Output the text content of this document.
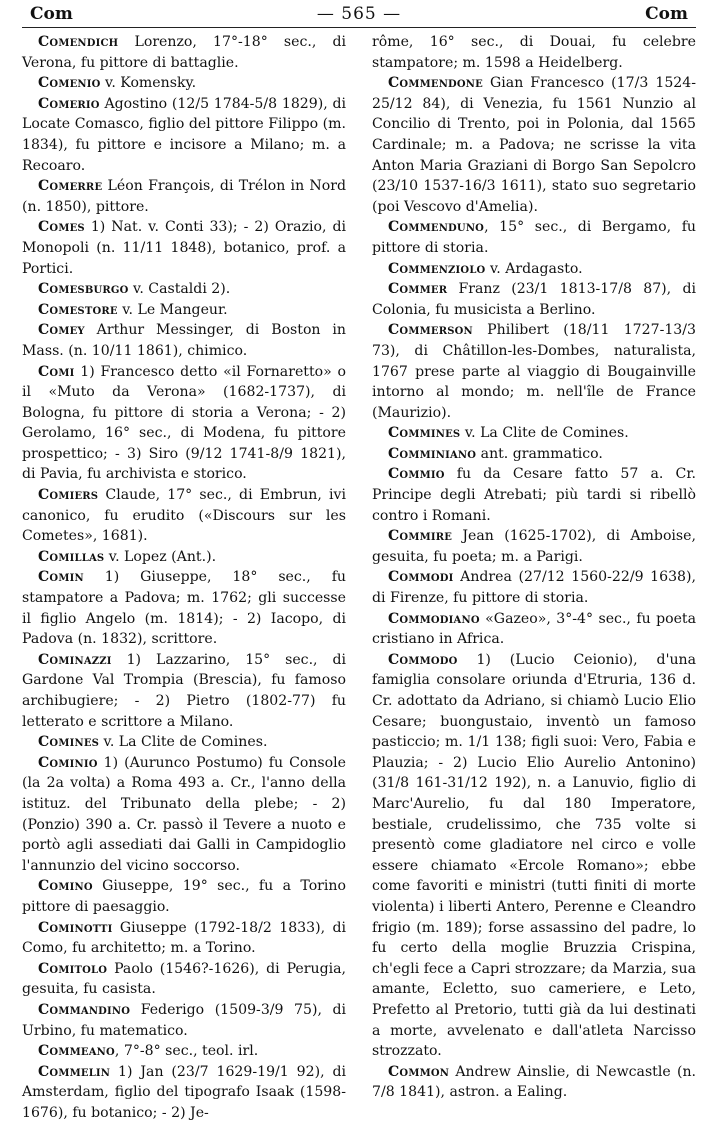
Com	— 565 —	Com

Comendich Lorenzo, 17°-18° sec., di Verona, fu pittore di battaglie.

Comenio v. Komensky.

Comerio Agostino (12/5 1784-5/8 1829), di Locate Comasco, figlio del pittore Filippo (m. 1834), fu pittore e incisore a Milano; m. a Recoaro.

Comerre Léon François, di Trélon in Nord (n. 1850), pittore.

Comes 1) Nat. v. Conti 33); - 2) Orazio, di Monopoli (n. 11/11 1848), botanico, prof. a Portici.

Comesburgo v. Castaldi 2).

Comestore v. Le Mangeur.

Comey Arthur Messinger, di Boston in Mass. (n. 10/11 1861), chimico.

Comi 1) Francesco detto «il Fornaretto» o il «Muto da Verona» (1682-1737), di Bologna, fu pittore di storia a Verona; - 2) Gerolamo, 16° sec., di Modena, fu pittore prospettico; - 3) Siro (9/12 1741-8/9 1821), di Pavia, fu archivista e storico.

Comiers Claude, 17° sec., di Embrun, ivi canonico, fu erudito («Discours sur les Cometes», 1681).

Comillas v. Lopez (Ant.).

Comin 1) Giuseppe, 18° sec., fu stampatore a Padova; m. 1762; gli successe il figlio Angelo (m. 1814); - 2) Iacopo, di Padova (n. 1832), scrittore.

Cominazzi 1) Lazzarino, 15° sec., di Gardone Val Trompia (Brescia), fu famoso archibugiere; - 2) Pietro (1802-77) fu letterato e scrittore a Milano.

Comines v. La Clite de Comines.

Cominio 1) (Aurunco Postumo) fu Console (la 2a volta) a Roma 493 a. Cr., l'anno della istituz. del Tribunato della plebe; - 2) (Ponzio) 390 a. Cr. passò il Tevere a nuoto e portò agli assediati dai Galli in Campidoglio l'annunzio del vicino soccorso.

Comino Giuseppe, 19° sec., fu a Torino pittore di paesaggio.

Cominotti Giuseppe (1792-18/2 1833), di Como, fu architetto; m. a Torino.

Comitolo Paolo (1546?-1626), di Perugia, gesuita, fu casista.

Commandino Federigo (1509-3/9 75), di Urbino, fu matematico.

Commeano, 7°-8° sec., teol. irl.

Commelin 1) Jan (23/7 1629-19/1 92), di Amsterdam, figlio del tipografo Isaak (1598-1676), fu botanico; - 2) Je-

rôme, 16° sec., di Douai, fu celebre stampatore; m. 1598 a Heidelberg.

Commendone Gian Francesco (17/3 1524-25/12 84), di Venezia, fu 1561 Nunzio al Concilio di Trento, poi in Polonia, dal 1565 Cardinale; m. a Padova; ne scrisse la vita Anton Maria Graziani di Borgo San Sepolcro (23/10 1537-16/3 1611), stato suo segretario (poi Vescovo d'Amelia).

Commenduno, 15° sec., di Bergamo, fu pittore di storia.

Commenziolo v. Ardagasto.

Commer Franz (23/1 1813-17/8 87), di Colonia, fu musicista a Berlino.

Commerson Philibert (18/11 1727-13/3 73), di Châtillon-les-Dombes, naturalista, 1767 prese parte al viaggio di Bougainville intorno al mondo; m. nell'île de France (Maurizio).

Commines v. La Clite de Comines.

Comminiano ant. grammatico.

Commio fu da Cesare fatto 57 a. Cr. Principe degli Atrebati; più tardi si ribellò contro i Romani.

Commire Jean (1625-1702), di Amboise, gesuita, fu poeta; m. a Parigi.

Commodi Andrea (27/12 1560-22/9 1638), di Firenze, fu pittore di storia.

Commodiano «Gazeo», 3°-4° sec., fu poeta cristiano in Africa.

Commodo 1) (Lucio Ceionio), d'una famiglia consolare oriunda d'Etruria, 136 d. Cr. adottato da Adriano, si chiamò Lucio Elio Cesare; buongustaio, inventò un famoso pasticcio; m. 1/1 138; figli suoi: Vero, Fabia e Plauzia; - 2) Lucio Elio Aurelio Antonino) (31/8 161-31/12 192), n. a Lanuvio, figlio di Marc'Aurelio, fu dal 180 Imperatore, bestiale, crudelissimo, che 735 volte si presentò come gladiatore nel circo e volle essere chiamato «Ercole Romano»; ebbe come favoriti e ministri (tutti finiti di morte violenta) i liberti Antero, Perenne e Cleandro frigio (m. 189); forse assassino del padre, lo fu certo della moglie Bruzzia Crispina, ch'egli fece a Capri strozzare; da Marzia, sua amante, Ecletto, suo cameriere, e Leto, Prefetto al Pretorio, tutti già da lui destinati a morte, avvelenato e dall'atleta Narcisso strozzato.

Common Andrew Ainslie, di Newcastle (n. 7/8 1841), astron. a Ealing.
